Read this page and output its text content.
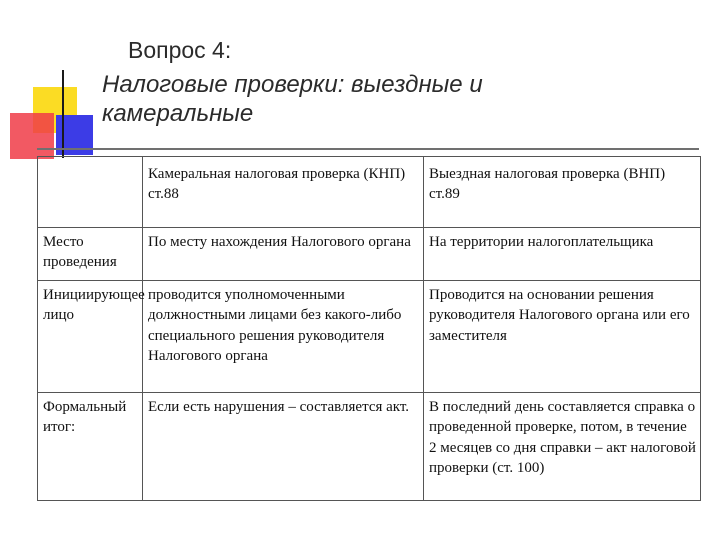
Вопрос 4:
Налоговые проверки: выездные и
камеральные
	Камеральная налоговая проверка (КНП) ст.88	Выездная налоговая проверка (ВНП) ст.89
Место проведения	По месту нахождения Налогового органа	На территории налогоплательщика
Инициирующее лицо	проводится уполномоченными должностными лицами без какого-либо специального решения руководителя Налогового органа	Проводится на основании решения руководителя Налогового органа или его заместителя
Формальный итог:	Если есть нарушения – составляется акт.	В последний день составляется справка о проведенной проверке, потом, в течение 2 месяцев со дня справки – акт налоговой проверки (ст. 100)
